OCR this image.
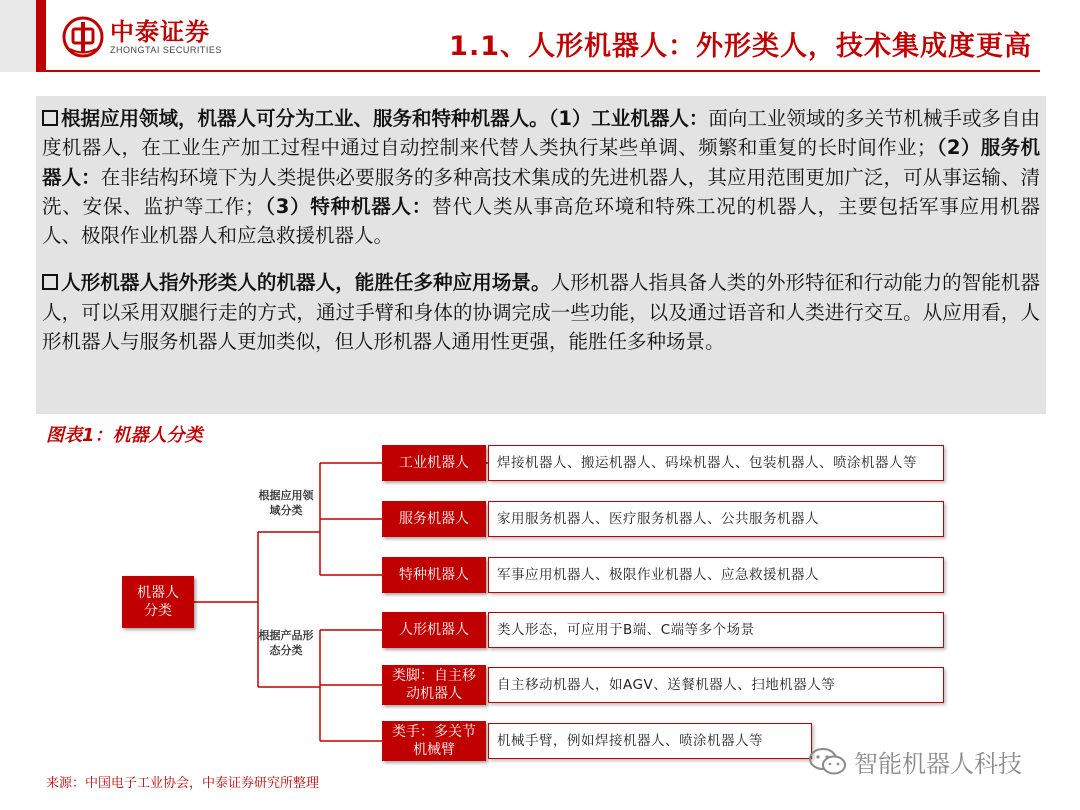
中泰证券
ZHONGTAI SECURITIES	1.1、人形机器人：外形类人，技术集成度更高

根据应用领域，机器人可分为工业、服务和特种机器人。（1）工业机器人：面向工业领域的多关节机械手或多自由度机器人，在工业生产加工过程中通过自动控制来代替人类执行某些单调、频繁和重复的长时间作业；（2）服务机器人：在非结构环境下为人类提供必要服务的多种高技术集成的先进机器人，其应用范围更加广泛，可从事运输、清洗、安保、监护等工作；（3）特种机器人：替代人类从事高危环境和特殊工况的机器人，主要包括军事应用机器人、极限作业机器人和应急救援机器人。

人形机器人指外形类人的机器人，能胜任多种应用场景。人形机器人指具备人类的外形特征和行动能力的智能机器人，可以采用双腿行走的方式，通过手臂和身体的协调完成一些功能，以及通过语音和人类进行交互。从应用看，人形机器人与服务机器人更加类似，但人形机器人通用性更强，能胜任多种场景。

图表1：机器人分类
机器人分类
根据应用领域分类
根据产品形态分类
工业机器人 焊接机器人、搬运机器人、码垛机器人、包装机器人、喷涂机器人等
服务机器人 家用服务机器人、医疗服务机器人、公共服务机器人
特种机器人 军事应用机器人、极限作业机器人、应急救援机器人
人形机器人 类人形态，可应用于B端、C端等多个场景
类脚：自主移动机器人
自主移动机器人，如AGV、送餐机器人、扫地机器人等
类手：多关节机械臂
机械手臂，例如焊接机器人、喷涂机器人等
来源：中国电子工业协会，中泰证券研究所整理
智能机器人科技
